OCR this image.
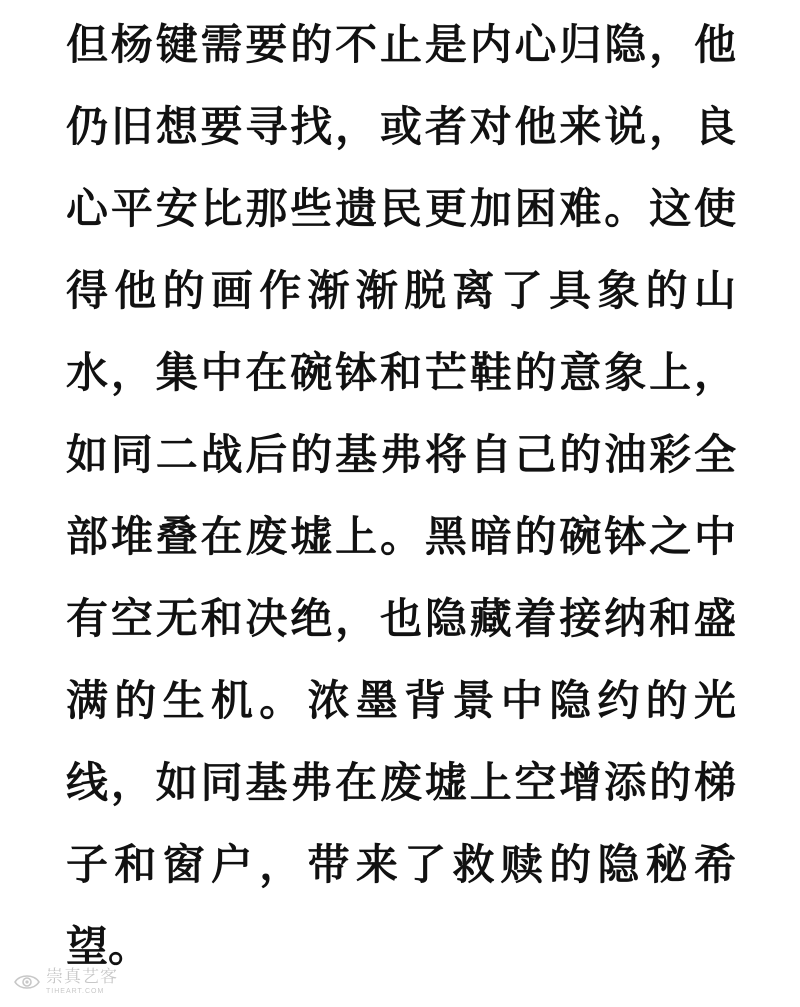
但杨键需要的不止是内心归隐，他

仍旧想要寻找，或者对他来说，良

心平安比那些遗民更加困难。这使

得他的画作渐渐脱离了具象的山

水，集中在碗钵和芒鞋的意象上，

如同二战后的基弗将自己的油彩全

部堆叠在废墟上。黑暗的碗钵之中

有空无和决绝，也隐藏着接纳和盛

满的生机。浓墨背景中隐约的光

线，如同基弗在废墟上空增添的梯

子和窗户，带来了救赎的隐秘希

望。

崇真艺客
TIHEART.COM
